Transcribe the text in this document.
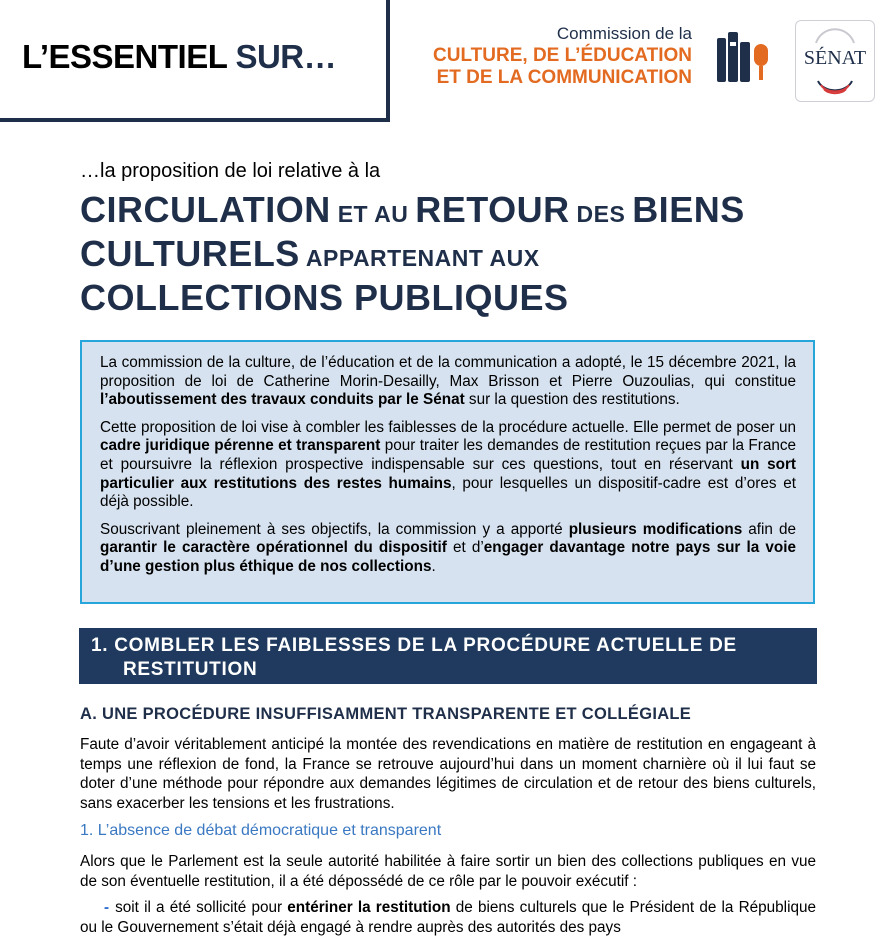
L’ESSENTIEL SUR…
Commission de la
CULTURE, DE L’ÉDUCATION
ET DE LA COMMUNICATION
SÉNAT
…la proposition de loi relative à la
CIRCULATION ET AU RETOUR DES BIENS
CULTURELS APPARTENANT AUX
COLLECTIONS PUBLIQUES

La commission de la culture, de l’éducation et de la communication a adopté, le 15 décembre 2021, la proposition de loi de Catherine Morin-Desailly, Max Brisson et Pierre Ouzoulias, qui constitue l’aboutissement des travaux conduits par le Sénat sur la question des restitutions.

Cette proposition de loi vise à combler les faiblesses de la procédure actuelle. Elle permet de poser un cadre juridique pérenne et transparent pour traiter les demandes de restitution reçues par la France et poursuivre la réflexion prospective indispensable sur ces questions, tout en réservant un sort particulier aux restitutions des restes humains, pour lesquelles un dispositif-cadre est d’ores et déjà possible.

Souscrivant pleinement à ses objectifs, la commission y a apporté plusieurs modifications afin de garantir le caractère opérationnel du dispositif et d’engager davantage notre pays sur la voie d’une gestion plus éthique de nos collections.

1. COMBLER LES FAIBLESSES DE LA PROCÉDURE ACTUELLE DE
RESTITUTION
A. UNE PROCÉDURE INSUFFISAMMENT TRANSPARENTE ET COLLÉGIALE

Faute d’avoir véritablement anticipé la montée des revendications en matière de restitution en engageant à temps une réflexion de fond, la France se retrouve aujourd’hui dans un moment charnière où il lui faut se doter d’une méthode pour répondre aux demandes légitimes de circulation et de retour des biens culturels, sans exacerber les tensions et les frustrations.

1. L’absence de débat démocratique et transparent

Alors que le Parlement est la seule autorité habilitée à faire sortir un bien des collections publiques en vue de son éventuelle restitution, il a été dépossédé de ce rôle par le pouvoir exécutif :

- soit il a été sollicité pour entériner la restitution de biens culturels que le Président de la République ou le Gouvernement s’était déjà engagé à rendre auprès des autorités des pays
